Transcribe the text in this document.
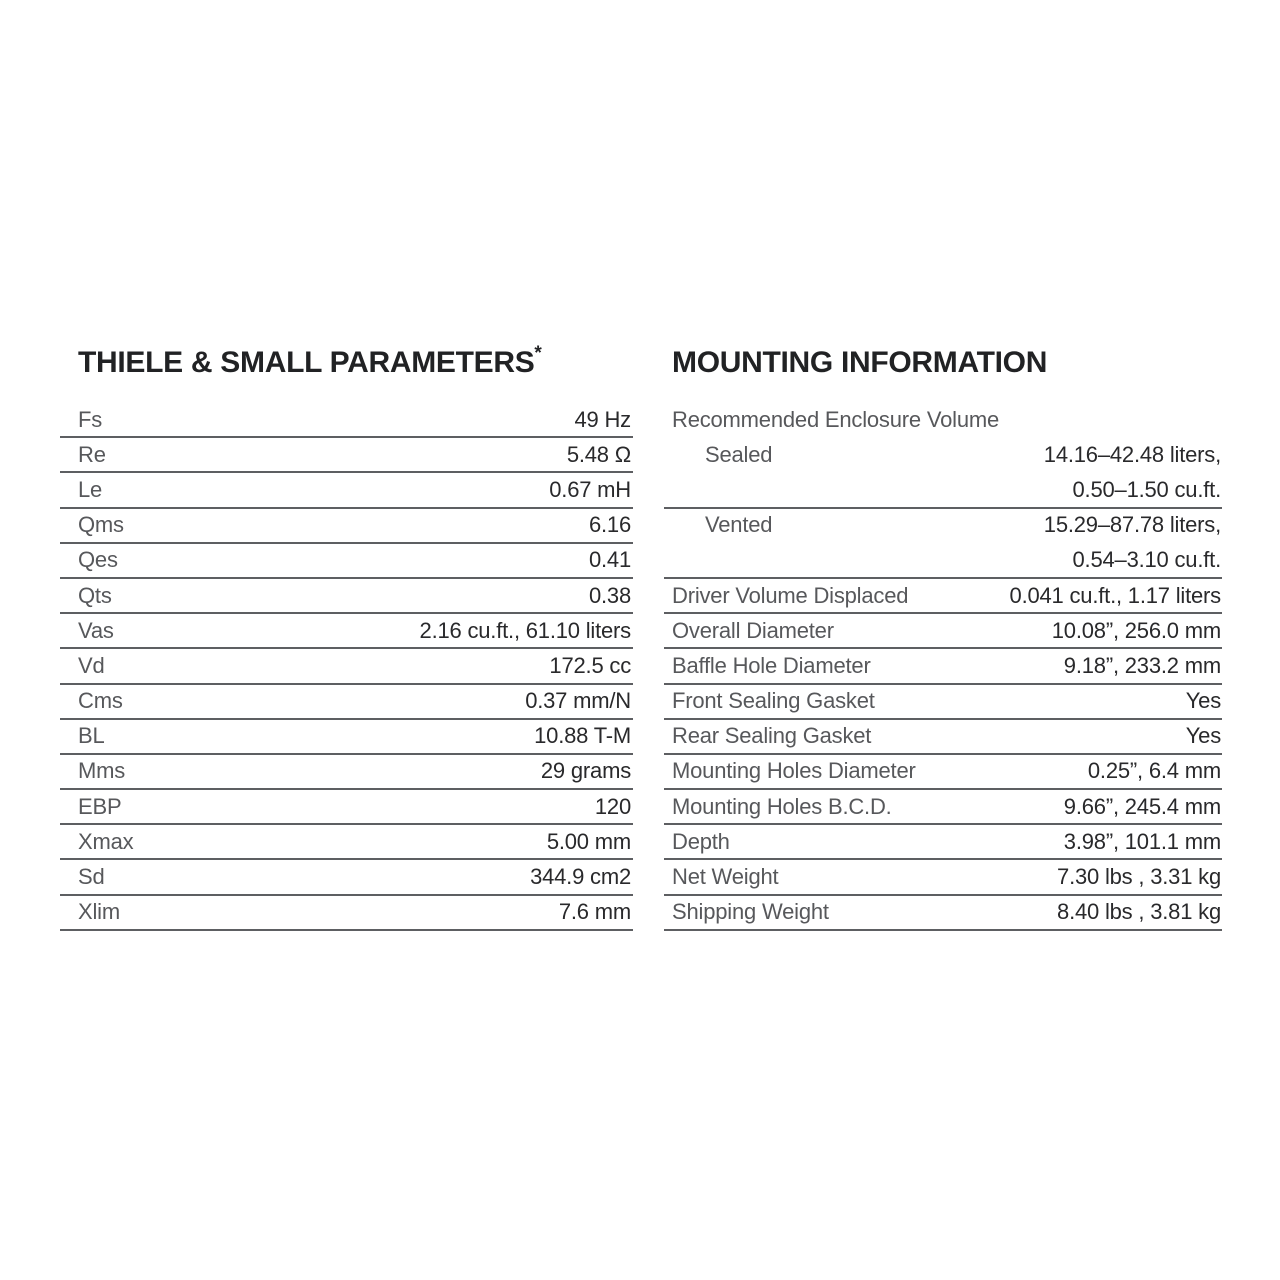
THIELE & SMALL PARAMETERS*
Fs	49 Hz
Re	5.48 Ω
Le	0.67 mH
Qms	6.16
Qes	0.41
Qts	0.38
Vas	2.16 cu.ft., 61.10 liters
Vd	172.5 cc
Cms	0.37 mm/N
BL	10.88 T-M
Mms	29 grams
EBP	120
Xmax	5.00 mm
Sd	344.9 cm2
Xlim	7.6 mm
MOUNTING INFORMATION
Recommended Enclosure Volume
Sealed	14.16–42.48 liters,
0.50–1.50 cu.ft.
Vented	15.29–87.78 liters,
0.54–3.10 cu.ft.
Driver Volume Displaced	0.041 cu.ft., 1.17 liters
Overall Diameter	10.08”, 256.0 mm
Baffle Hole Diameter	9.18”, 233.2 mm
Front Sealing Gasket	Yes
Rear Sealing Gasket	Yes
Mounting Holes Diameter	0.25”, 6.4 mm
Mounting Holes B.C.D.	9.66”, 245.4 mm
Depth	3.98”, 101.1 mm
Net Weight	7.30 lbs , 3.31 kg
Shipping Weight	8.40 lbs , 3.81 kg
